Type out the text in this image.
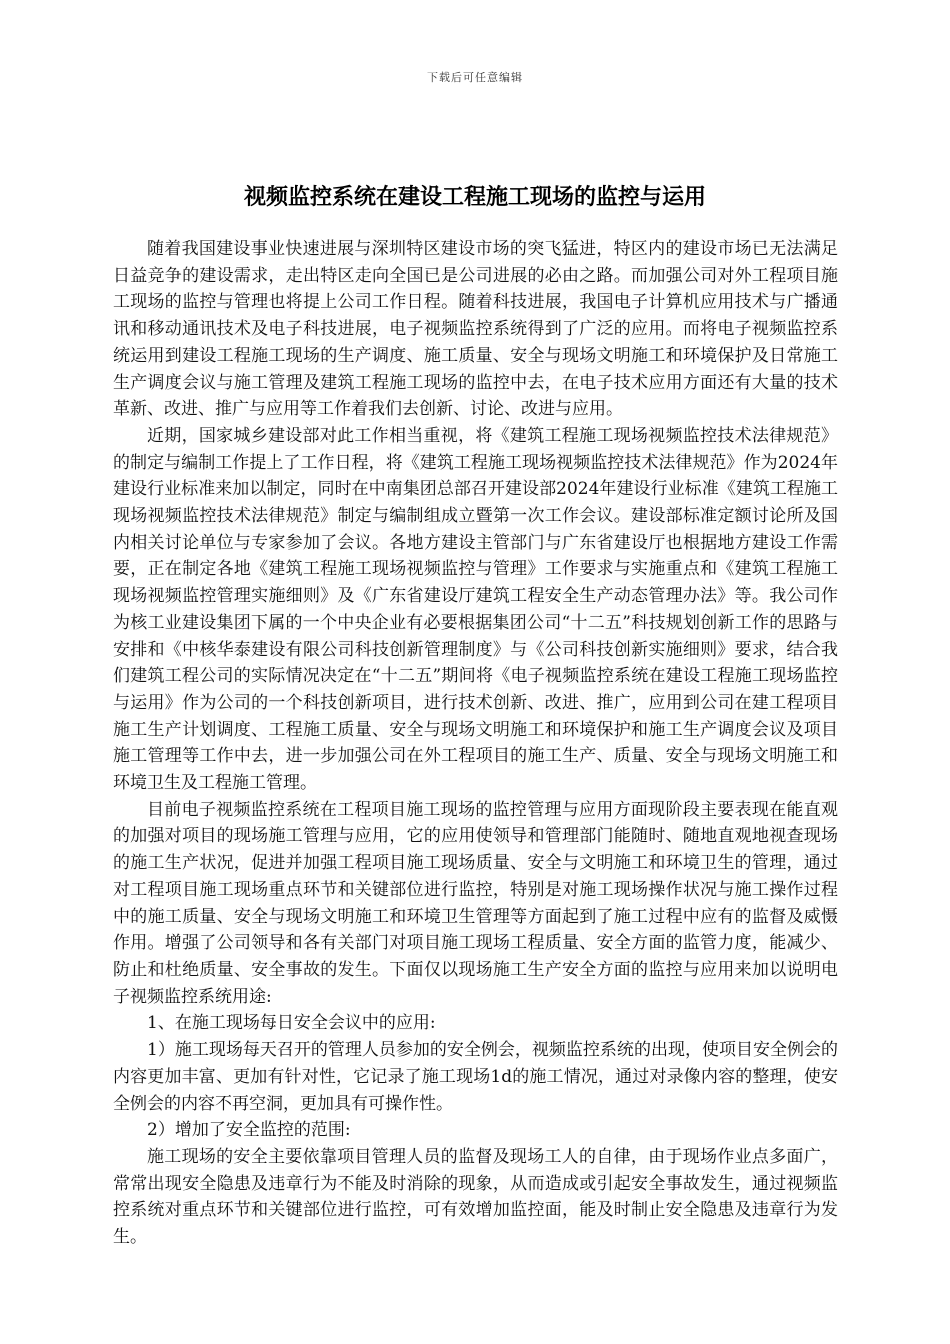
下载后可任意编辑
视频监控系统在建设工程施工现场的监控与运用

随着我国建设事业快速进展与深圳特区建设市场的突飞猛进，特区内的建设市场已无法满足日益竞争的建设需求，走出特区走向全国已是公司进展的必由之路。而加强公司对外工程项目施工现场的监控与管理也将提上公司工作日程。随着科技进展，我国电子计算机应用技术与广播通讯和移动通讯技术及电子科技进展，电子视频监控系统得到了广泛的应用。而将电子视频监控系统运用到建设工程施工现场的生产调度、施工质量、安全与现场文明施工和环境保护及日常施工生产调度会议与施工管理及建筑工程施工现场的监控中去，在电子技术应用方面还有大量的技术革新、改进、推广与应用等工作着我们去创新、讨论、改进与应用。

近期，国家城乡建设部对此工作相当重视，将《建筑工程施工现场视频监控技术法律规范》的制定与编制工作提上了工作日程，将《建筑工程施工现场视频监控技术法律规范》作为2024年建设行业标准来加以制定，同时在中南集团总部召开建设部2024年建设行业标准《建筑工程施工现场视频监控技术法律规范》制定与编制组成立暨第一次工作会议。建设部标准定额讨论所及国内相关讨论单位与专家参加了会议。各地方建设主管部门与广东省建设厅也根据地方建设工作需要，正在制定各地《建筑工程施工现场视频监控与管理》工作要求与实施重点和《建筑工程施工现场视频监控管理实施细则》及《广东省建设厅建筑工程安全生产动态管理办法》等。我公司作为核工业建设集团下属的一个中央企业有必要根据集团公司“十二五”科技规划创新工作的思路与安排和《中核华泰建设有限公司科技创新管理制度》与《公司科技创新实施细则》要求，结合我们建筑工程公司的实际情况决定在“十二五”期间将《电子视频监控系统在建设工程施工现场监控与运用》作为公司的一个科技创新项目，进行技术创新、改进、推广，应用到公司在建工程项目施工生产计划调度、工程施工质量、安全与现场文明施工和环境保护和施工生产调度会议及项目施工管理等工作中去，进一步加强公司在外工程项目的施工生产、质量、安全与现场文明施工和环境卫生及工程施工管理。

目前电子视频监控系统在工程项目施工现场的监控管理与应用方面现阶段主要表现在能直观的加强对项目的现场施工管理与应用，它的应用使领导和管理部门能随时、随地直观地视查现场的施工生产状况，促进并加强工程项目施工现场质量、安全与文明施工和环境卫生的管理，通过对工程项目施工现场重点环节和关键部位进行监控，特别是对施工现场操作状况与施工操作过程中的施工质量、安全与现场文明施工和环境卫生管理等方面起到了施工过程中应有的监督及威慑作用。增强了公司领导和各有关部门对项目施工现场工程质量、安全方面的监管力度，能减少、防止和杜绝质量、安全事故的发生。下面仅以现场施工生产安全方面的监控与应用来加以说明电子视频监控系统用途:

1、在施工现场每日安全会议中的应用:

1）施工现场每天召开的管理人员参加的安全例会，视频监控系统的出现，使项目安全例会的内容更加丰富、更加有针对性，它记录了施工现场1d的施工情况，通过对录像内容的整理，使安全例会的内容不再空洞，更加具有可操作性。

2）增加了安全监控的范围:

施工现场的安全主要依靠项目管理人员的监督及现场工人的自律，由于现场作业点多面广，常常出现安全隐患及违章行为不能及时消除的现象，从而造成或引起安全事故发生，通过视频监控系统对重点环节和关键部位进行监控，可有效增加监控面，能及时制止安全隐患及违章行为发生。
